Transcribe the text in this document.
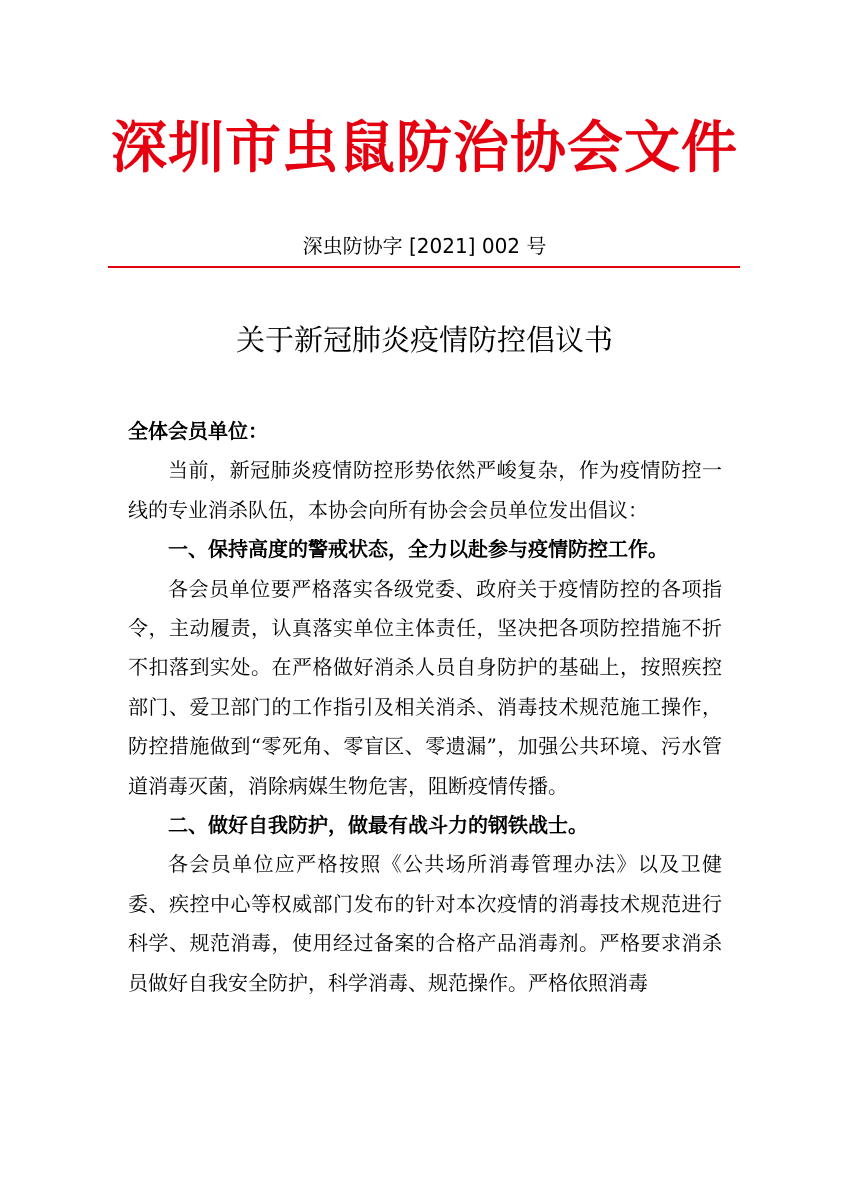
深圳市虫鼠防治协会文件
深虫防协字 [2021] 002 号
关于新冠肺炎疫情防控倡议书

全体会员单位：

当前，新冠肺炎疫情防控形势依然严峻复杂，作为疫情防控一线的专业消杀队伍，本协会向所有协会会员单位发出倡议：

一、保持高度的警戒状态，全力以赴参与疫情防控工作。

各会员单位要严格落实各级党委、政府关于疫情防控的各项指令，主动履责，认真落实单位主体责任，坚决把各项防控措施不折不扣落到实处。在严格做好消杀人员自身防护的基础上，按照疾控部门、爱卫部门的工作指引及相关消杀、消毒技术规范施工操作，防控措施做到“零死角、零盲区、零遗漏”，加强公共环境、污水管道消毒灭菌，消除病媒生物危害，阻断疫情传播。

二、做好自我防护，做最有战斗力的钢铁战士。

各会员单位应严格按照《公共场所消毒管理办法》以及卫健委、疾控中心等权威部门发布的针对本次疫情的消毒技术规范进行科学、规范消毒，使用经过备案的合格产品消毒剂。严格要求消杀员做好自我安全防护，科学消毒、规范操作。严格依照消毒
